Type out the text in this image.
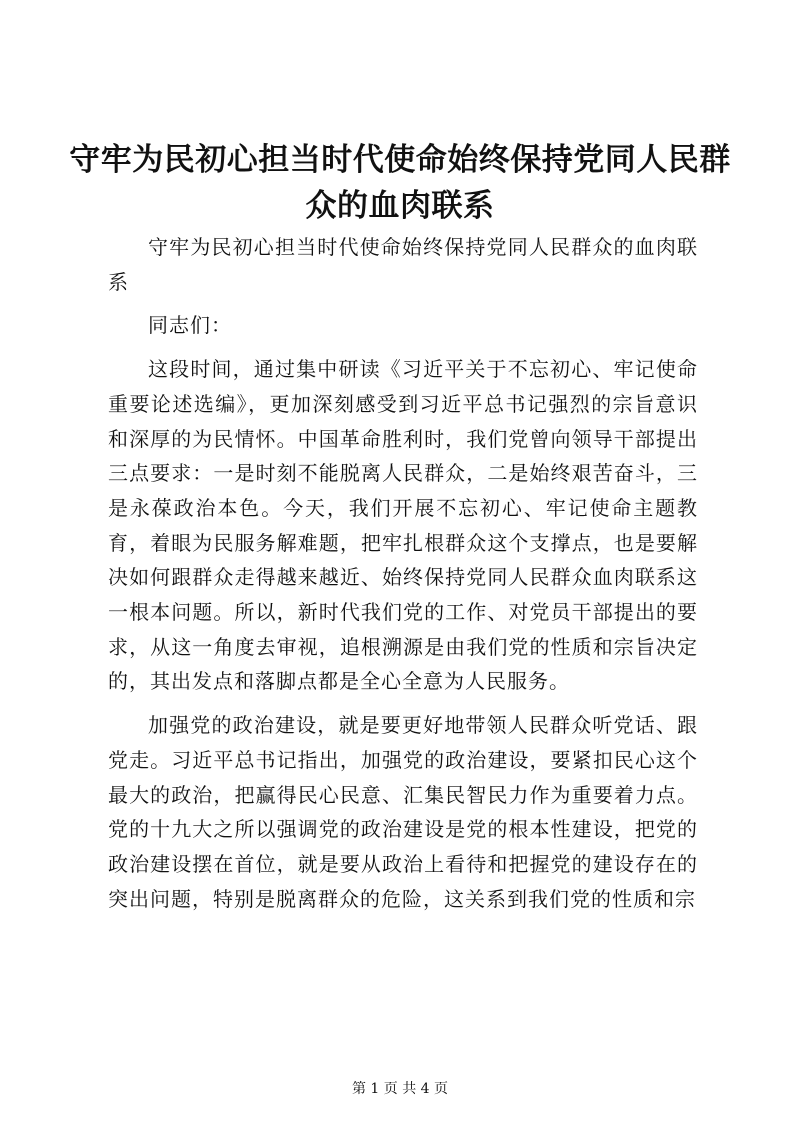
守牢为民初心担当时代使命始终保持党同人民群众的血肉联系

守牢为民初心担当时代使命始终保持党同人民群众的血肉联系

同志们：

这段时间，通过集中研读《习近平关于不忘初心、牢记使命重要论述选编》，更加深刻感受到习近平总书记强烈的宗旨意识和深厚的为民情怀。中国革命胜利时，我们党曾向领导干部提出三点要求：一是时刻不能脱离人民群众，二是始终艰苦奋斗，三是永葆政治本色。今天，我们开展不忘初心、牢记使命主题教育，着眼为民服务解难题，把牢扎根群众这个支撑点，也是要解决如何跟群众走得越来越近、始终保持党同人民群众血肉联系这一根本问题。所以，新时代我们党的工作、对党员干部提出的要求，从这一角度去审视，追根溯源是由我们党的性质和宗旨决定的，其出发点和落脚点都是全心全意为人民服务。

加强党的政治建设，就是要更好地带领人民群众听党话、跟党走。习近平总书记指出，加强党的政治建设，要紧扣民心这个最大的政治，把赢得民心民意、汇集民智民力作为重要着力点。党的十九大之所以强调党的政治建设是党的根本性建设，把党的政治建设摆在首位，就是要从政治上看待和把握党的建设存在的突出问题，特别是脱离群众的危险，这关系到我们党的性质和宗

第 1 页 共 4 页
